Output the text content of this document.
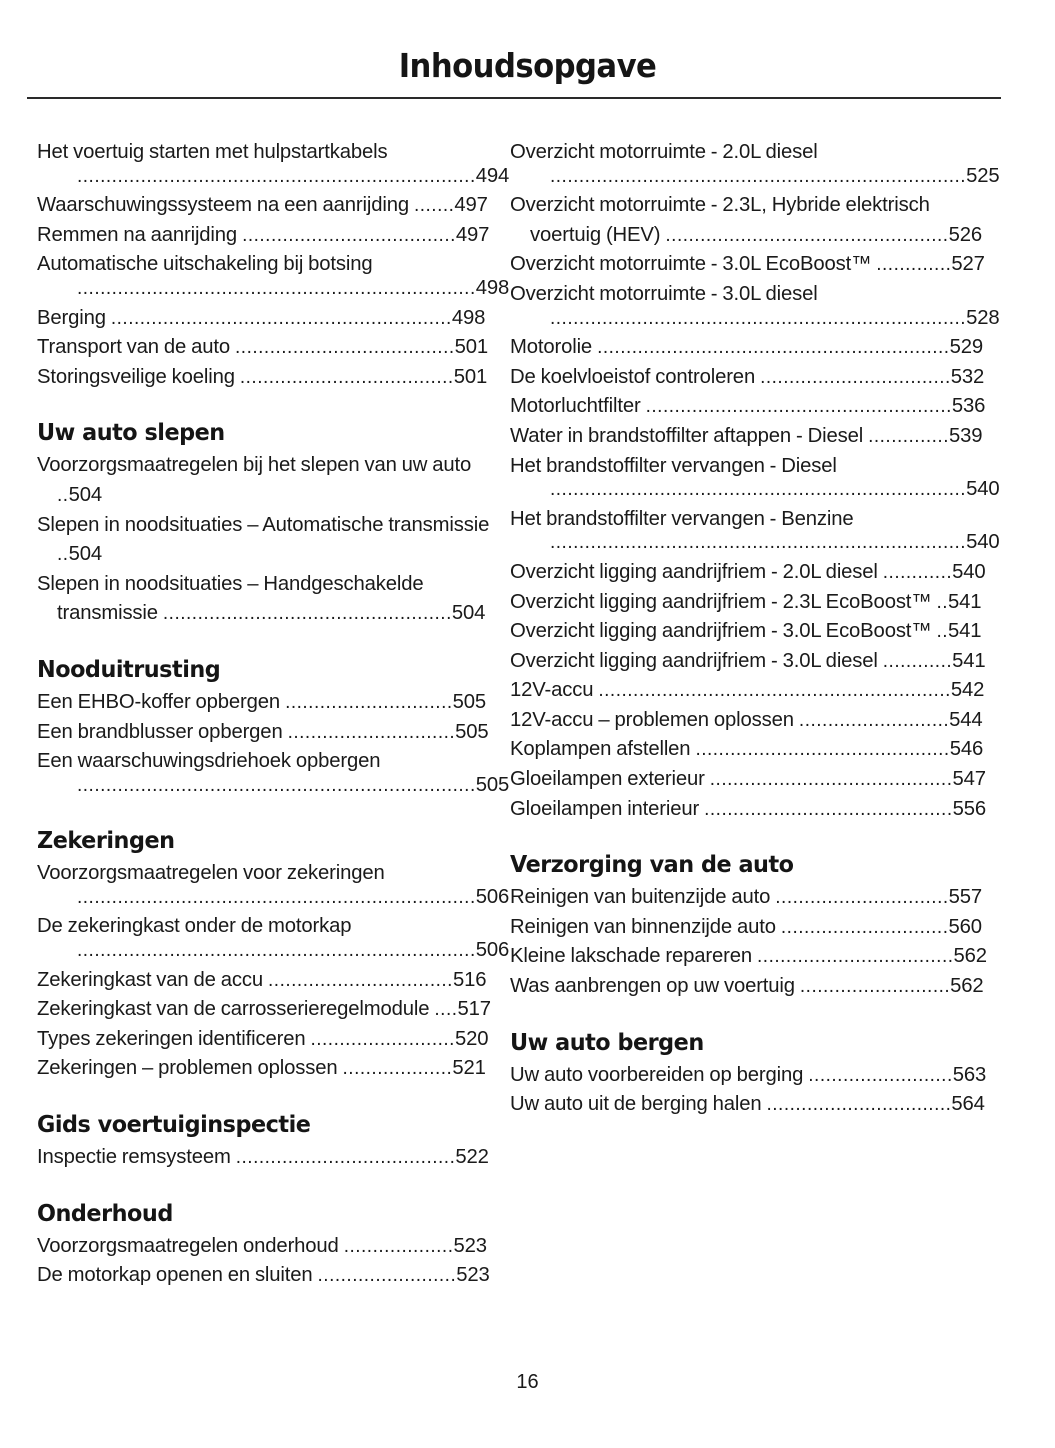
Inhoudsopgave
Het voertuig starten met hulpstartkabels
.....................................................................494
Waarschuwingssysteem na een aanrijding .......497
Remmen na aanrijding .....................................497
Automatische uitschakeling bij botsing
.....................................................................498
Berging ...........................................................498
Transport van de auto ......................................501
Storingsveilige koeling .....................................501
Uw auto slepen
Voorzorgsmaatregelen bij het slepen van uw auto ..504
Slepen in noodsituaties – Automatische transmissie ..504
Slepen in noodsituaties – Handgeschakelde transmissie ..................................................504
Nooduitrusting
Een EHBO-koffer opbergen .............................505
Een brandblusser opbergen .............................505
Een waarschuwingsdriehoek opbergen
.....................................................................505
Zekeringen
Voorzorgsmaatregelen voor zekeringen
.....................................................................506
De zekeringkast onder de motorkap
.....................................................................506
Zekeringkast van de accu ................................516
Zekeringkast van de carrosserieregelmodule ....517
Types zekeringen identificeren .........................520
Zekeringen – problemen oplossen ...................521
Gids voertuiginspectie
Inspectie remsysteem ......................................522
Onderhoud
Voorzorgsmaatregelen onderhoud ...................523
De motorkap openen en sluiten ........................523
Overzicht motorruimte - 2.0L diesel
........................................................................525
Overzicht motorruimte - 2.3L, Hybride elektrisch voertuig (HEV) .................................................526
Overzicht motorruimte - 3.0L EcoBoost™ .............527
Overzicht motorruimte - 3.0L diesel
........................................................................528
Motorolie .............................................................529
De koelvloeistof controleren .................................532
Motorluchtfilter .....................................................536
Water in brandstoffilter aftappen - Diesel ..............539
Het brandstoffilter vervangen - Diesel
........................................................................540
Het brandstoffilter vervangen - Benzine
........................................................................540
Overzicht ligging aandrijfriem - 2.0L diesel ............540
Overzicht ligging aandrijfriem - 2.3L EcoBoost™ ..541
Overzicht ligging aandrijfriem - 3.0L EcoBoost™ ..541
Overzicht ligging aandrijfriem - 3.0L diesel ............541
12V-accu .............................................................542
12V-accu – problemen oplossen ..........................544
Koplampen afstellen ............................................546
Gloeilampen exterieur ..........................................547
Gloeilampen interieur ...........................................556
Verzorging van de auto
Reinigen van buitenzijde auto ..............................557
Reinigen van binnenzijde auto .............................560
Kleine lakschade repareren ..................................562
Was aanbrengen op uw voertuig ..........................562
Uw auto bergen
Uw auto voorbereiden op berging .........................563
Uw auto uit de berging halen ................................564
16
